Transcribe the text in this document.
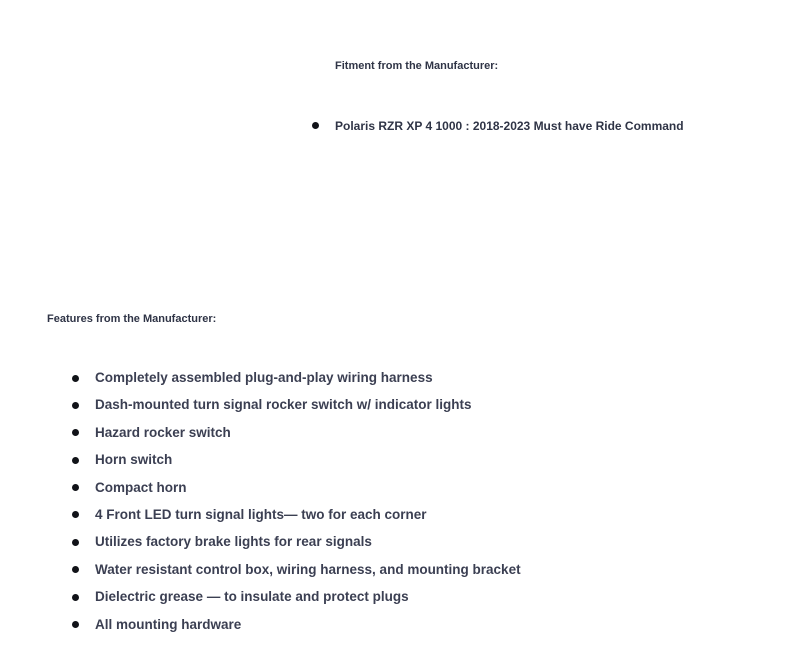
Fitment from the Manufacturer:
Polaris RZR XP 4 1000 : 2018-2023 Must have Ride Command
Features from the Manufacturer:
Completely assembled plug-and-play wiring harness
Dash-mounted turn signal rocker switch w/ indicator lights
Hazard rocker switch
Horn switch
Compact horn
4 Front LED turn signal lights— two for each corner
Utilizes factory brake lights for rear signals
Water resistant control box, wiring harness, and mounting bracket
Dielectric grease — to insulate and protect plugs
All mounting hardware
